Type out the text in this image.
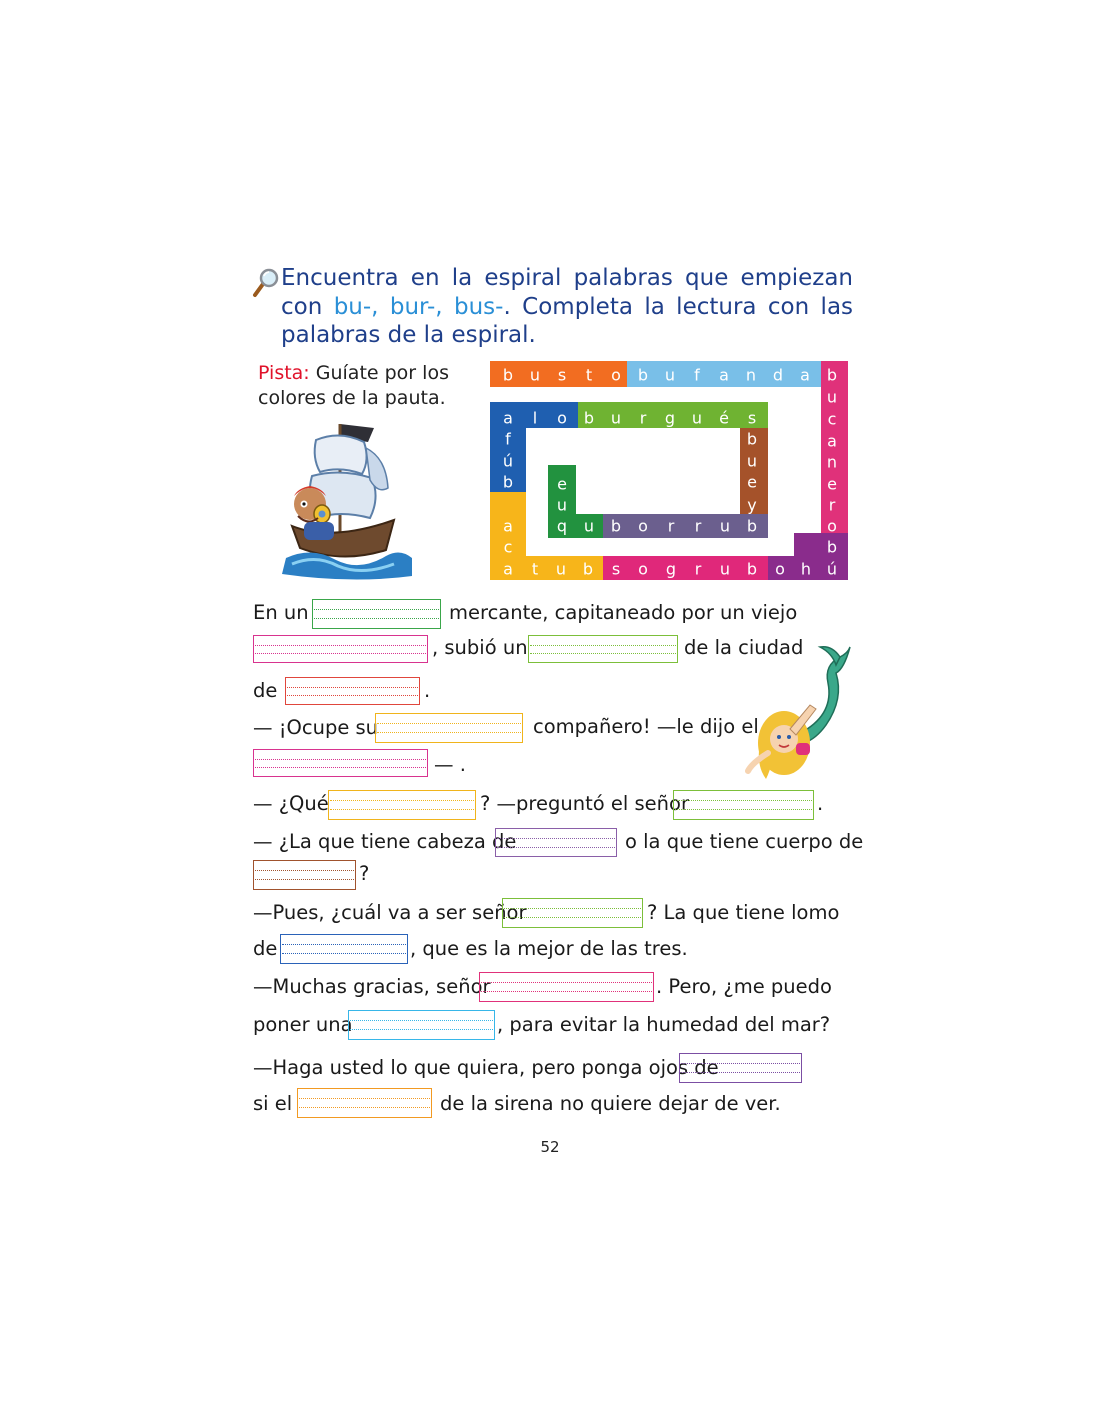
Encuentra en la espiral palabras que empiezan con bu-, bur-, bus-. Completa la lectura con las palabras de la espiral.
Pista: Guíate por los colores de la pauta.
b u s t o b u f a n d a b
u
c
a
n
e
r
o
b
ú
h
o
b
u
r
g
o
s
b
u
t
a
c
a
b
ú
f
a l o b u r g u é s
b
u
e
y
b
u
r
r
o
b
u
q
u
e
En un	mercante, capitaneado por un viejo
, subió un	de la ciudad
de	.
— ¡Ocupe su	compañero! —le dijo el
— .
— ¿Qué	? —preguntó el señor	.
— ¿La que tiene cabeza de	o la que tiene cuerpo de
?
—Pues, ¿cuál va a ser señor	? La que tiene lomo
de	, que es la mejor de las tres.
—Muchas gracias, señor	. Pero, ¿me puedo
poner una	, para evitar la humedad del mar?
—Haga usted lo que quiera, pero ponga ojos de
si el	de la sirena no quiere dejar de ver.
52
